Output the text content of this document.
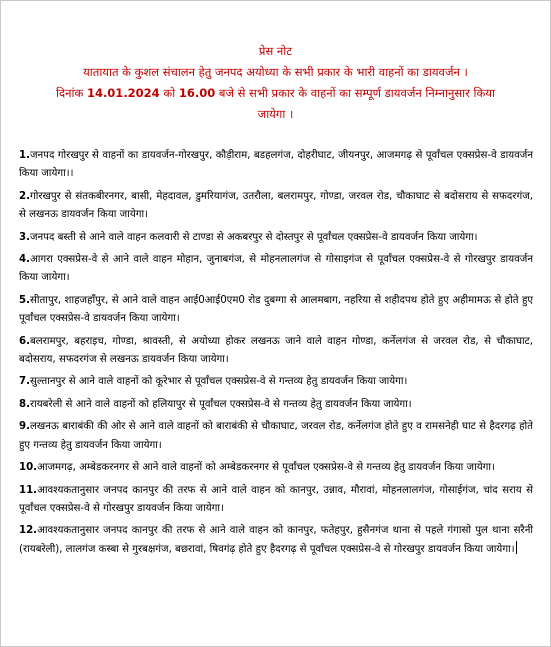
प्रेस नोट
यातायात के कुशल संचालन हेतु जनपद अयोध्या के सभी प्रकार के भारी वाहनों का डायवर्जन ।
दिनांक 14.01.2024 को 16.00 बजे से सभी प्रकार के वाहनों का सम्पूर्ण डायवर्जन निम्नानुसार किया
जायेगा ।

1.जनपद गोरखपुर से वाहनों का डायवर्जन-गोरखपुर, कौड़ीराम, बडहलगंज, दोहरीघाट, जीयनपुर, आजमगढ़ से पूर्वांचल एक्सप्रेस-वे डायवर्जन किया जायेगा।।

2.गोरखपुर से संतकबीरनगर, बासी, मेहदावल, डुमरियागंज, उतरौला, बलरामपुर, गोण्डा, जरवल रोड, चौकाघाट से बदोसराय से सफदरगंज, से लखनऊ डायवर्जन किया जायेगा।

3.जनपद बस्ती से आने वाले वाहन कलवारी से टाण्डा से अकबरपुर से दोस्तपुर से पूर्वांचल एक्सप्रेस-वे डायवर्जन किया जायेगा।

4.आगरा एक्सप्रेस-वे से आने वाले वाहन मोहान, जुनाबगंज, से मोहनलालगंज से गोसाइगंज से पूर्वांचल एक्सप्रेस-वे से गोरखपुर डायवर्जन किया जायेगा।

5.सीतापुर, शाहजहाँपुर, से आने वाले वाहन आई0आई0एम0 रोड दुबग्गा से आलमबाग, नहरिया से शहीदपथ होते हुए अहीमामऊ से होते हुए पूर्वांचल एक्सप्रेस-वे डायवर्जन किया जायेगा।

6.बलरामपुर, बहराइच, गोण्डा, श्रावस्ती, से अयोध्या होकर लखनऊ जाने वाले वाहन गोण्डा, कर्नेलगंज से जरवल रोड, से चौकाघाट, बदोसराय, सफदरगंज से लखनऊ डायवर्जन किया जायेगा।

7.सुल्तानपुर से आने वाले वाहनों को कूरेभार से पूर्वांचल एक्सप्रेस-वे से गन्तव्य हेतु डायवर्जन किया जायेगा।

8.रायबरेली से आने वाले वाहनों को हलियापुर से पूर्वांचल एक्सप्रेस-वे से गन्तव्य हेतु डायवर्जन किया जायेगा।

9.लखनऊ बाराबंकी की ओर से आने वाले वाहनों को बाराबंकी से चौकाघाट, जरवल रोड, कर्नेलगंज होते हुए व रामसनेही घाट से हैदरगढ़ होते हुए गन्तव्य हेतु डायवर्जन किया जायेगा।

10.आजमगढ़, अम्बेडकरनगर से आने वाले वाहनों को अम्बेडकरनगर से पूर्वांचल एक्सप्रेस-वे से गन्तव्य हेतु डायवर्जन किया जायेगा।

11.आवश्यकतानुसार जनपद कानपुर की तरफ से आने वाले वाहन को कानपुर, उन्नाव, मौरावां, मोहनलालगंज, गोसाईगंज, चांद सराय से पूर्वांचल एक्सप्रेस-वे से गोरखपुर डायवर्जन किया जायेगा।

12.आवश्यकतानुसार जनपद कानपुर की तरफ से आने वाले वाहन को कानपुर, फतेहपुर, हुसैनगंज थाना से पहले गंगासो पुल थाना सरैनी (रायबरेली), लालगंज कस्बा से गुरबक्षगंज, बछरावां, षिवगंढ़ होते हुए हैदरगढ़ से पूर्वांचल एक्सप्रेस-वे से गोरखपुर डायवर्जन किया जायेगा।
